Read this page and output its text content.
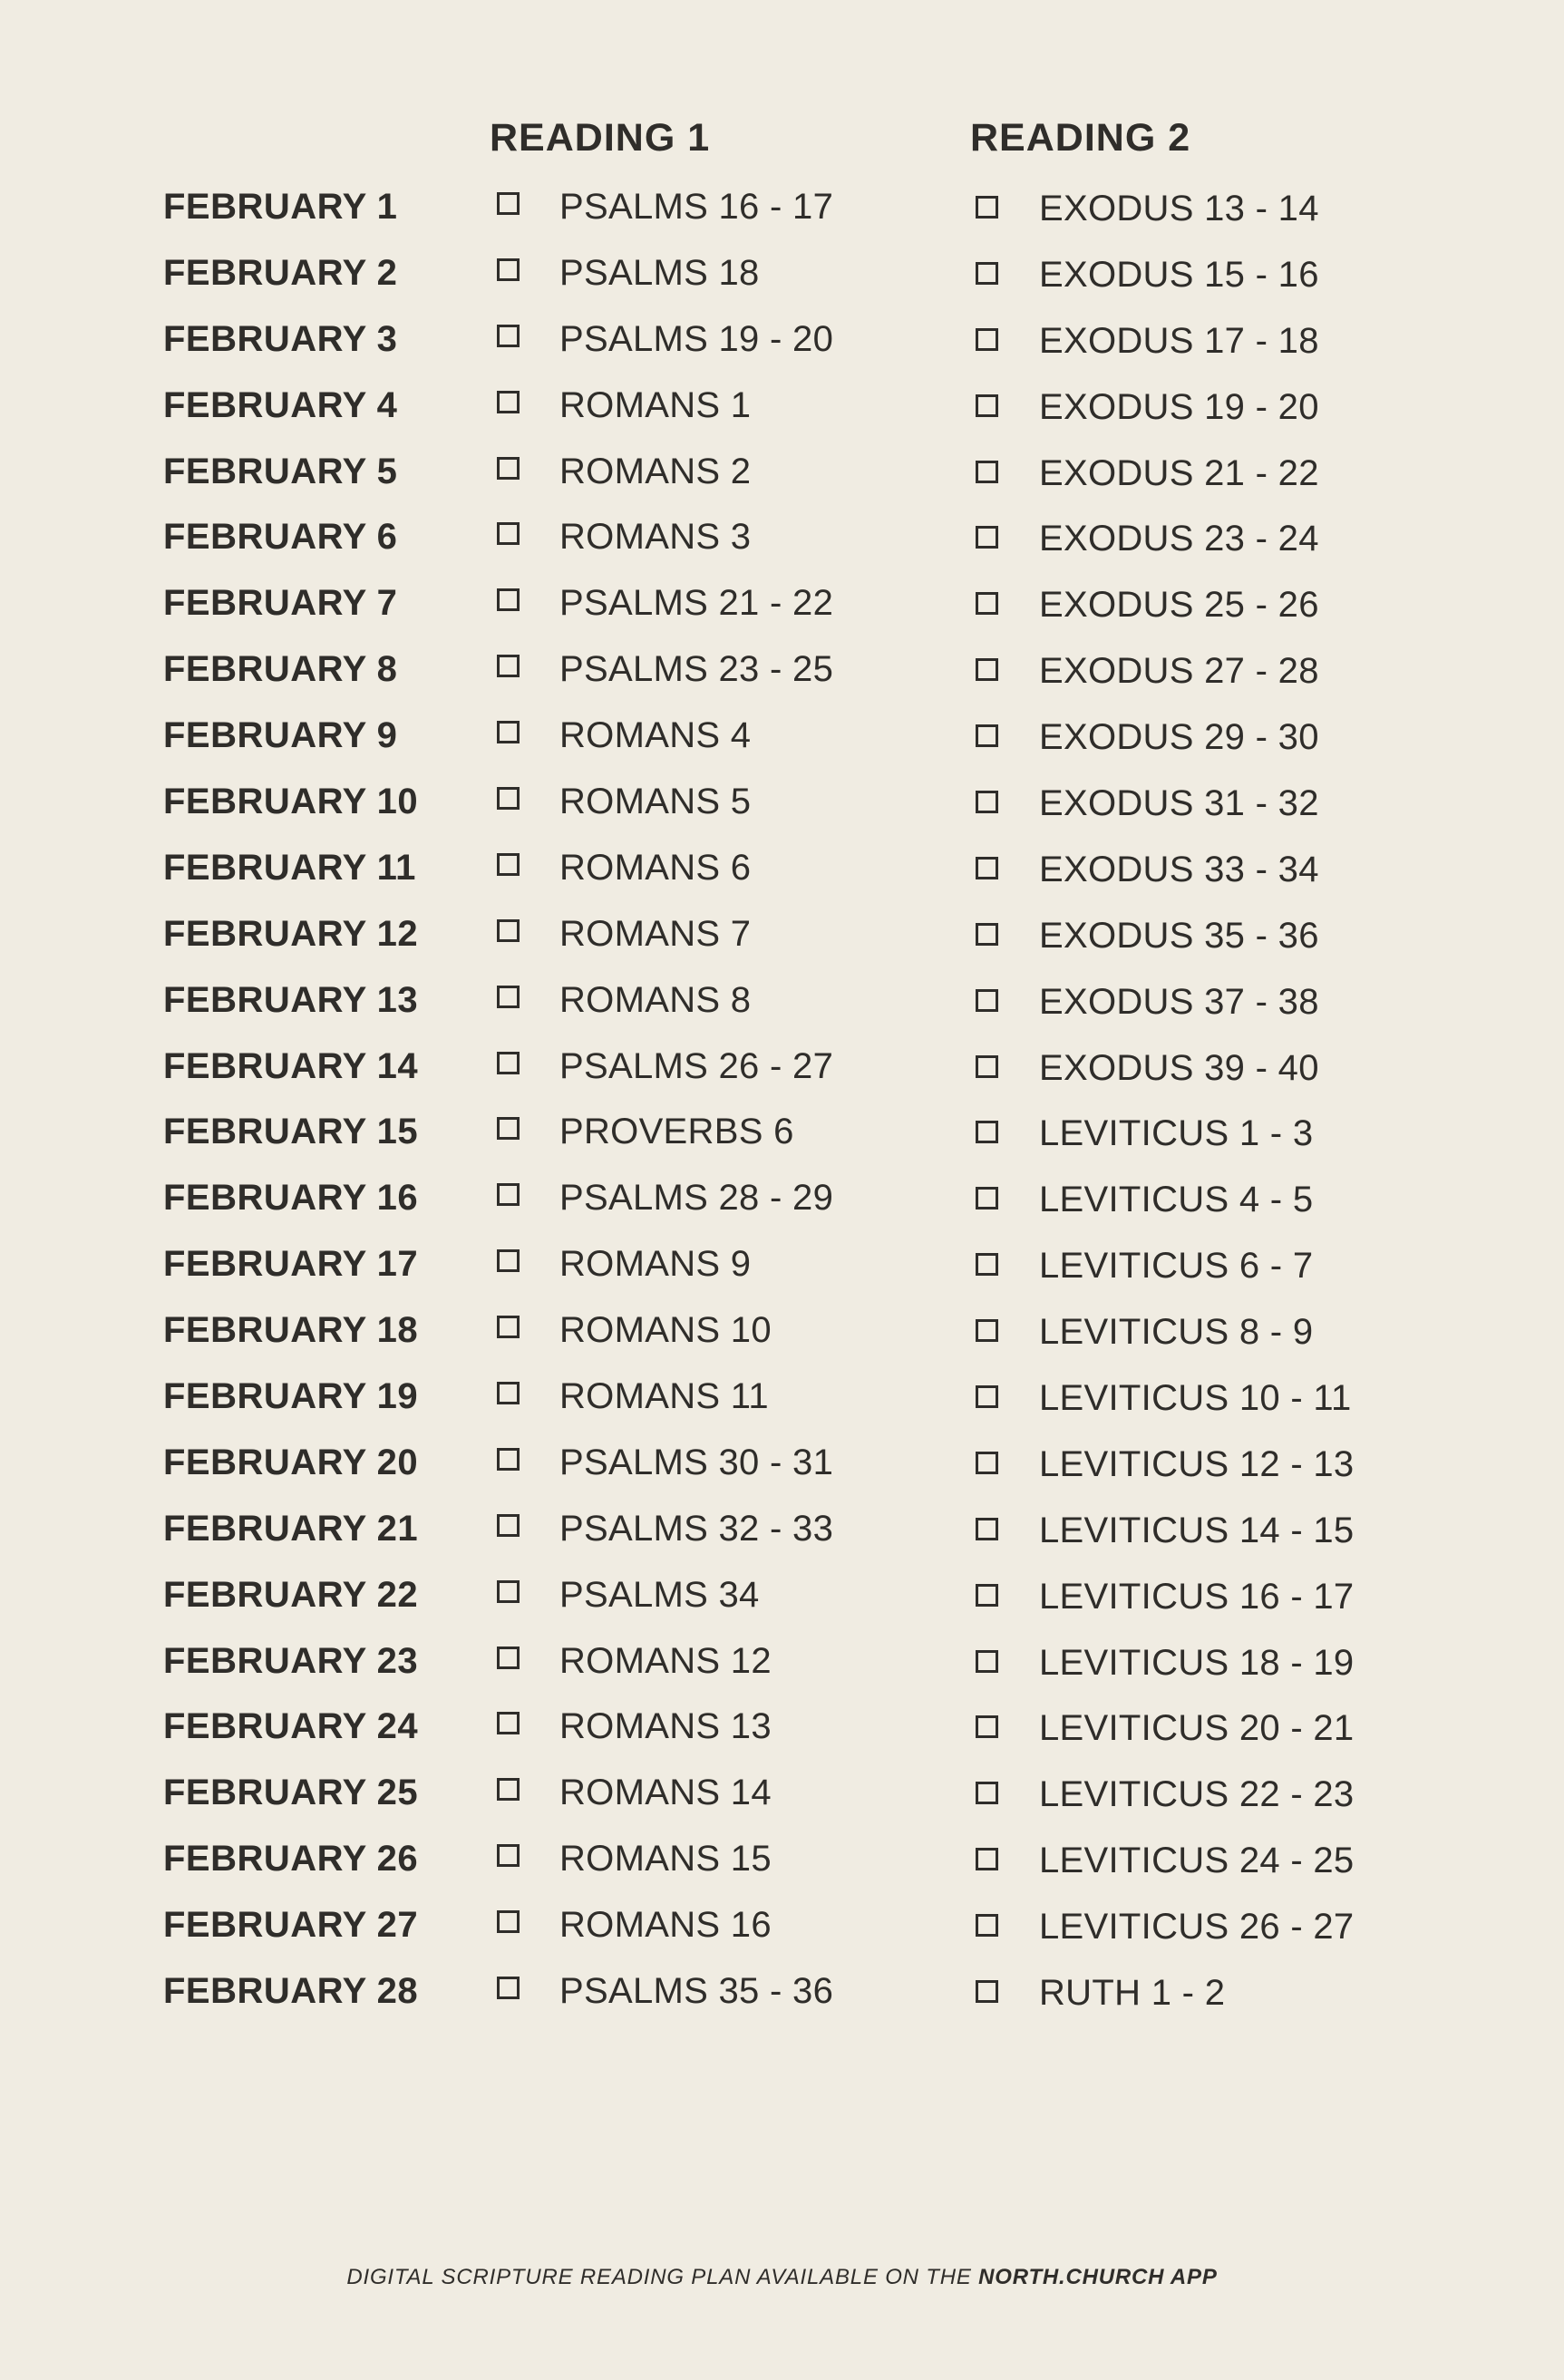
READING 1	READING 2
FEBRUARY 1	PSALMS 16 - 17	EXODUS 13 - 14
FEBRUARY 2	PSALMS 18	EXODUS 15 - 16
FEBRUARY 3	PSALMS 19 - 20	EXODUS 17 - 18
FEBRUARY 4	ROMANS 1	EXODUS 19 - 20
FEBRUARY 5	ROMANS 2	EXODUS 21 - 22
FEBRUARY 6	ROMANS 3	EXODUS 23 - 24
FEBRUARY 7	PSALMS 21 - 22	EXODUS 25 - 26
FEBRUARY 8	PSALMS 23 - 25	EXODUS 27 - 28
FEBRUARY 9	ROMANS 4	EXODUS 29 - 30
FEBRUARY 10	ROMANS 5	EXODUS 31 - 32
FEBRUARY 11	ROMANS 6	EXODUS 33 - 34
FEBRUARY 12	ROMANS 7	EXODUS 35 - 36
FEBRUARY 13	ROMANS 8	EXODUS 37 - 38
FEBRUARY 14	PSALMS 26 - 27	EXODUS 39 - 40
FEBRUARY 15	PROVERBS 6	LEVITICUS 1 - 3
FEBRUARY 16	PSALMS 28 - 29	LEVITICUS 4 - 5
FEBRUARY 17	ROMANS 9	LEVITICUS 6 - 7
FEBRUARY 18	ROMANS 10	LEVITICUS 8 - 9
FEBRUARY 19	ROMANS 11	LEVITICUS 10 - 11
FEBRUARY 20	PSALMS 30 - 31	LEVITICUS 12 - 13
FEBRUARY 21	PSALMS 32 - 33	LEVITICUS 14 - 15
FEBRUARY 22	PSALMS 34	LEVITICUS 16 - 17
FEBRUARY 23	ROMANS 12	LEVITICUS 18 - 19
FEBRUARY 24	ROMANS 13	LEVITICUS 20 - 21
FEBRUARY 25	ROMANS 14	LEVITICUS 22 - 23
FEBRUARY 26	ROMANS 15	LEVITICUS 24 - 25
FEBRUARY 27	ROMANS 16	LEVITICUS 26 - 27
FEBRUARY 28	PSALMS 35 - 36	RUTH 1 - 2
DIGITAL SCRIPTURE READING PLAN AVAILABLE ON THE NORTH.CHURCH APP
